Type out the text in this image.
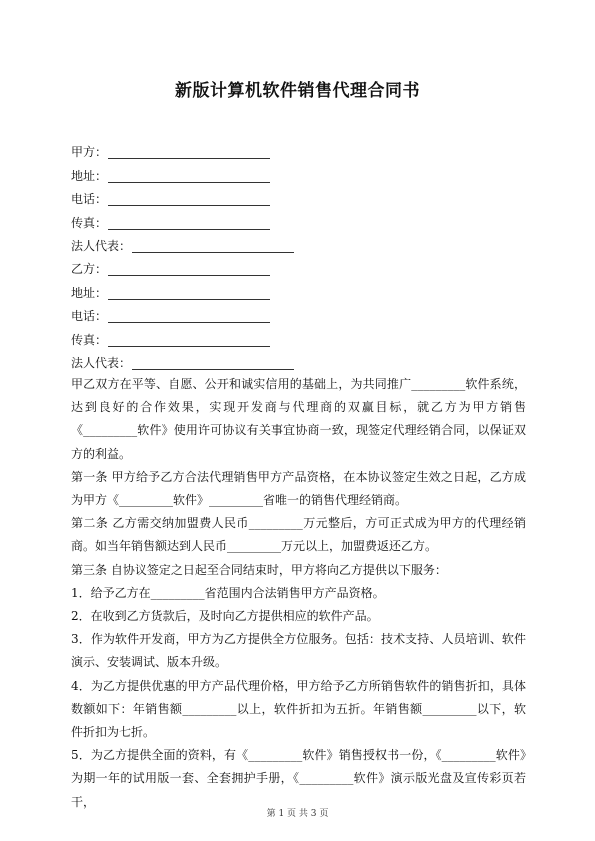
新版计算机软件销售代理合同书
甲方：
地址：
电话：
传真：
法人代表：
乙方：
地址：
电话：
传真：
法人代表：

甲乙双方在平等、自愿、公开和诚实信用的基础上，为共同推广_________软件系统，达到良好的合作效果，实现开发商与代理商的双赢目标，就乙方为甲方销售《_________软件》使用许可协议有关事宜协商一致，现签定代理经销合同，以保证双方的利益。

第一条 甲方给予乙方合法代理销售甲方产品资格，在本协议签定生效之日起，乙方成为甲方《_________软件》_________省唯一的销售代理经销商。

第二条 乙方需交纳加盟费人民币_________万元整后，方可正式成为甲方的代理经销商。如当年销售额达到人民币_________万元以上，加盟费返还乙方。

第三条 自协议签定之日起至合同结束时，甲方将向乙方提供以下服务：

1．给予乙方在_________省范围内合法销售甲方产品资格。

2．在收到乙方货款后，及时向乙方提供相应的软件产品。

3．作为软件开发商，甲方为乙方提供全方位服务。包括：技术支持、人员培训、软件演示、安装调试、版本升级。

4．为乙方提供优惠的甲方产品代理价格，甲方给予乙方所销售软件的销售折扣，具体数额如下：年销售额_________以上，软件折扣为五折。年销售额_________以下，软件折扣为七折。

5．为乙方提供全面的资料，有《_________软件》销售授权书一份，《_________软件》为期一年的试用版一套、全套拥护手册，《_________软件》演示版光盘及宣传彩页若干，

第 1 页 共 3 页
